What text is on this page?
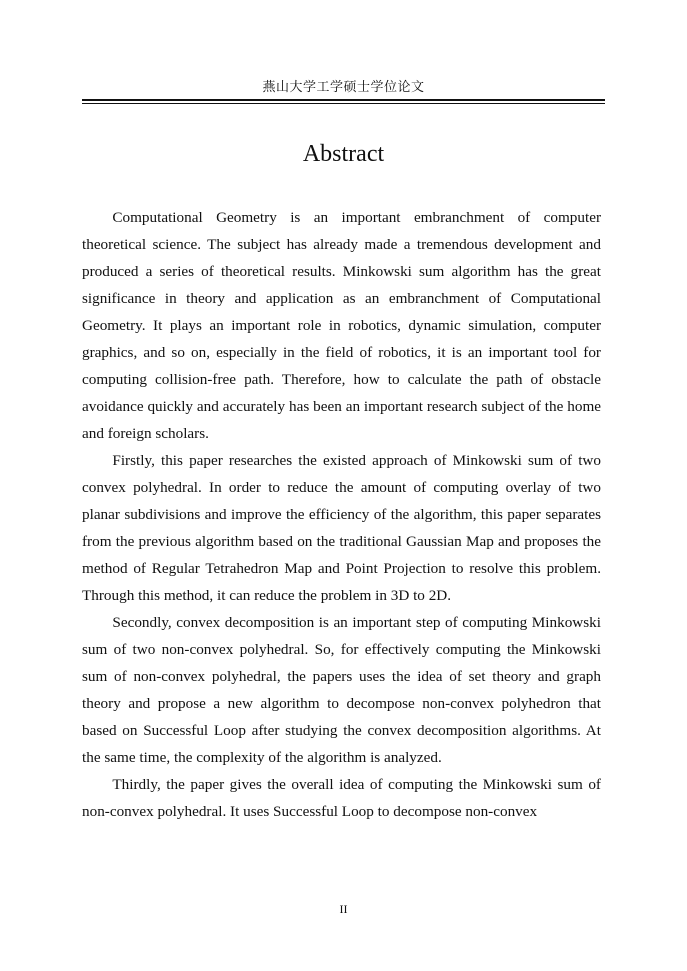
燕山大学工学硕士学位论文
Abstract

Computational Geometry is an important embranchment of computer theoretical science. The subject has already made a tremendous development and produced a series of theoretical results. Minkowski sum algorithm has the great significance in theory and application as an embranchment of Computational Geometry. It plays an important role in robotics, dynamic simulation, computer graphics, and so on, especially in the field of robotics, it is an important tool for computing collision-free path. Therefore, how to calculate the path of obstacle avoidance quickly and accurately has been an important research subject of the home and foreign scholars.

Firstly, this paper researches the existed approach of Minkowski sum of two convex polyhedral. In order to reduce the amount of computing overlay of two planar subdivisions and improve the efficiency of the algorithm, this paper separates from the previous algorithm based on the traditional Gaussian Map and proposes the method of Regular Tetrahedron Map and Point Projection to resolve this problem. Through this method, it can reduce the problem in 3D to 2D.

Secondly, convex decomposition is an important step of computing Minkowski sum of two non-convex polyhedral. So, for effectively computing the Minkowski sum of non-convex polyhedral, the papers uses the idea of set theory and graph theory and propose a new algorithm to decompose non-convex polyhedron that based on Successful Loop after studying the convex decomposition algorithms. At the same time, the complexity of the algorithm is analyzed.

Thirdly, the paper gives the overall idea of computing the Minkowski sum of non-convex polyhedral. It uses Successful Loop to decompose non-convex

II
